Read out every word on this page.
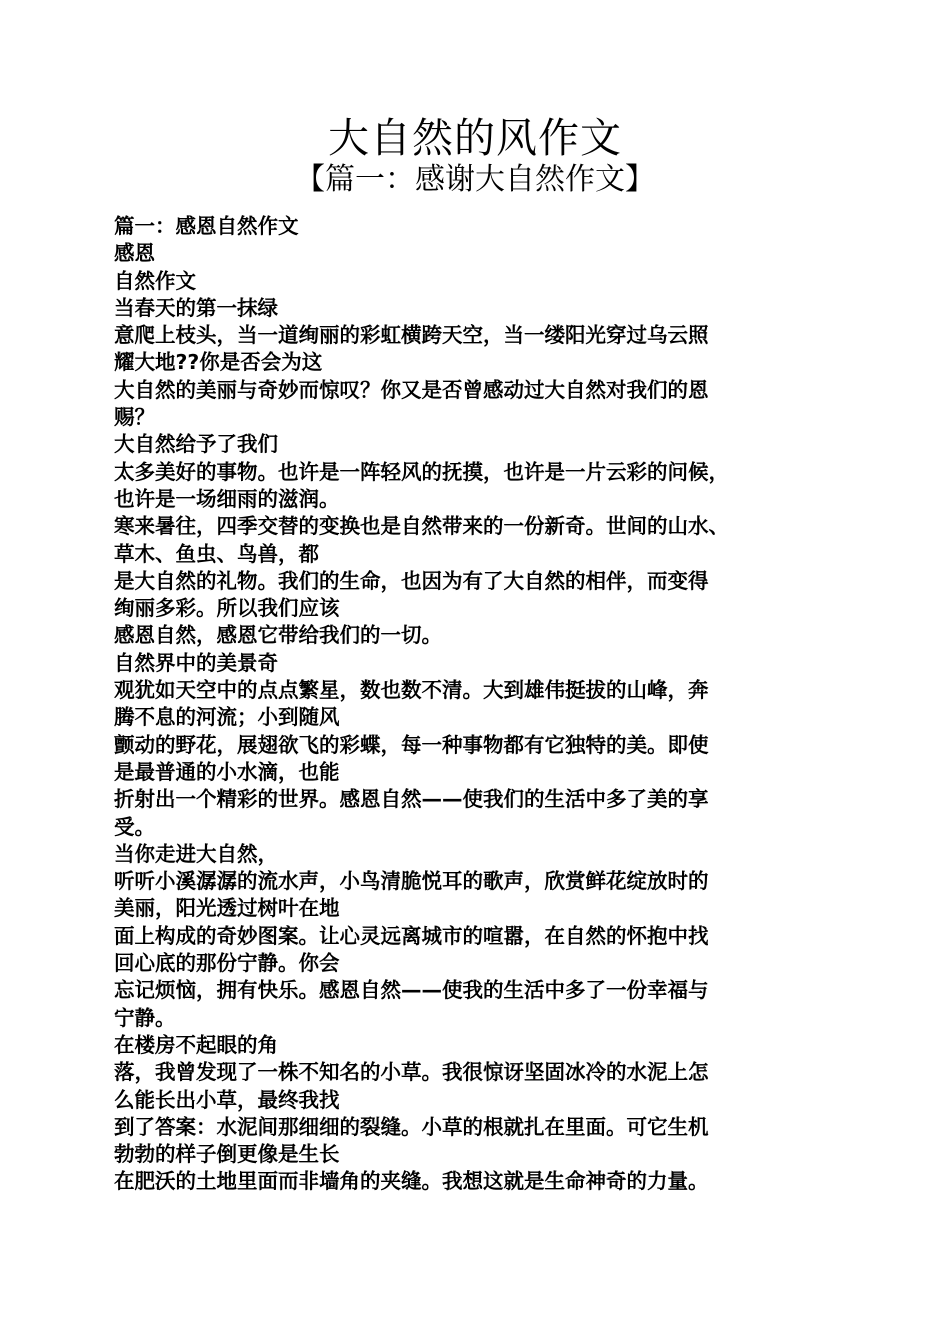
大自然的风作文
【篇一：感谢大自然作文】
篇一：感恩自然作文
感恩
自然作文
当春天的第一抹绿
意爬上枝头，当一道绚丽的彩虹横跨天空，当一缕阳光穿过乌云照
耀大地??你是否会为这
大自然的美丽与奇妙而惊叹？你又是否曾感动过大自然对我们的恩
赐？
大自然给予了我们
太多美好的事物。也许是一阵轻风的抚摸，也许是一片云彩的问候，
也许是一场细雨的滋润。
寒来暑往，四季交替的变换也是自然带来的一份新奇。世间的山水、
草木、鱼虫、鸟兽，都
是大自然的礼物。我们的生命，也因为有了大自然的相伴，而变得
绚丽多彩。所以我们应该
感恩自然，感恩它带给我们的一切。
自然界中的美景奇
观犹如天空中的点点繁星，数也数不清。大到雄伟挺拔的山峰，奔
腾不息的河流；小到随风
颤动的野花，展翅欲飞的彩蝶，每一种事物都有它独特的美。即使
是最普通的小水滴，也能
折射出一个精彩的世界。感恩自然——使我们的生活中多了美的享
受。
当你走进大自然，
听听小溪潺潺的流水声，小鸟清脆悦耳的歌声，欣赏鲜花绽放时的
美丽，阳光透过树叶在地
面上构成的奇妙图案。让心灵远离城市的喧嚣，在自然的怀抱中找
回心底的那份宁静。你会
忘记烦恼，拥有快乐。感恩自然——使我的生活中多了一份幸福与
宁静。
在楼房不起眼的角
落，我曾发现了一株不知名的小草。我很惊讶坚固冰冷的水泥上怎
么能长出小草，最终我找
到了答案：水泥间那细细的裂缝。小草的根就扎在里面。可它生机
勃勃的样子倒更像是生长
在肥沃的土地里面而非墙角的夹缝。我想这就是生命神奇的力量。
